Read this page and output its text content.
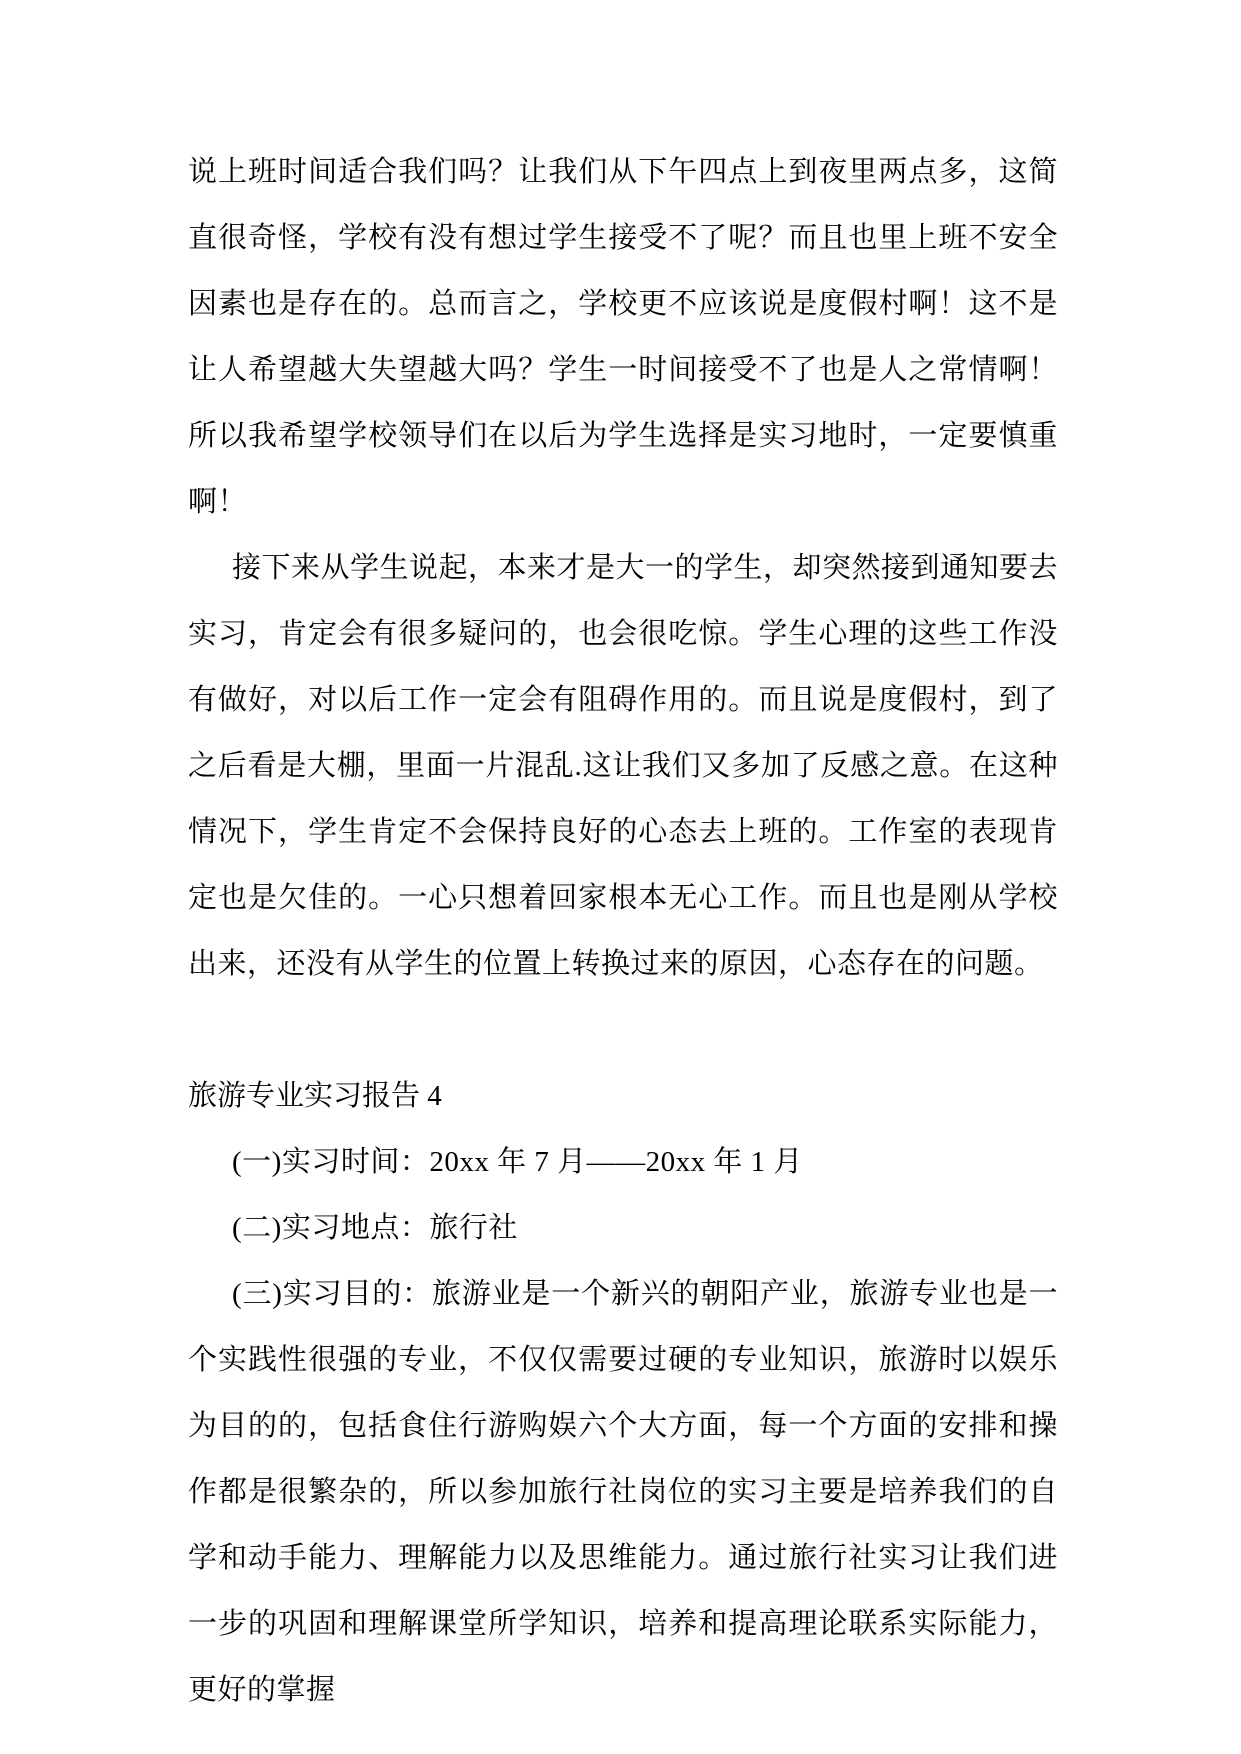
说上班时间适合我们吗？让我们从下午四点上到夜里两点多，这简直很奇怪，学校有没有想过学生接受不了呢？而且也里上班不安全因素也是存在的。总而言之，学校更不应该说是度假村啊！这不是让人希望越大失望越大吗？学生一时间接受不了也是人之常情啊！所以我希望学校领导们在以后为学生选择是实习地时，一定要慎重啊！

接下来从学生说起，本来才是大一的学生，却突然接到通知要去实习，肯定会有很多疑问的，也会很吃惊。学生心理的这些工作没有做好，对以后工作一定会有阻碍作用的。而且说是度假村，到了之后看是大棚，里面一片混乱.这让我们又多加了反感之意。在这种情况下，学生肯定不会保持良好的心态去上班的。工作室的表现肯定也是欠佳的。一心只想着回家根本无心工作。而且也是刚从学校出来，还没有从学生的位置上转换过来的原因，心态存在的问题。

旅游专业实习报告 4

(一)实习时间：20xx 年 7 月——20xx 年 1 月

(二)实习地点：旅行社

(三)实习目的：旅游业是一个新兴的朝阳产业，旅游专业也是一个实践性很强的专业，不仅仅需要过硬的专业知识，旅游时以娱乐为目的的，包括食住行游购娱六个大方面，每一个方面的安排和操作都是很繁杂的，所以参加旅行社岗位的实习主要是培养我们的自学和动手能力、理解能力以及思维能力。通过旅行社实习让我们进一步的巩固和理解课堂所学知识，培养和提高理论联系实际能力，更好的掌握
